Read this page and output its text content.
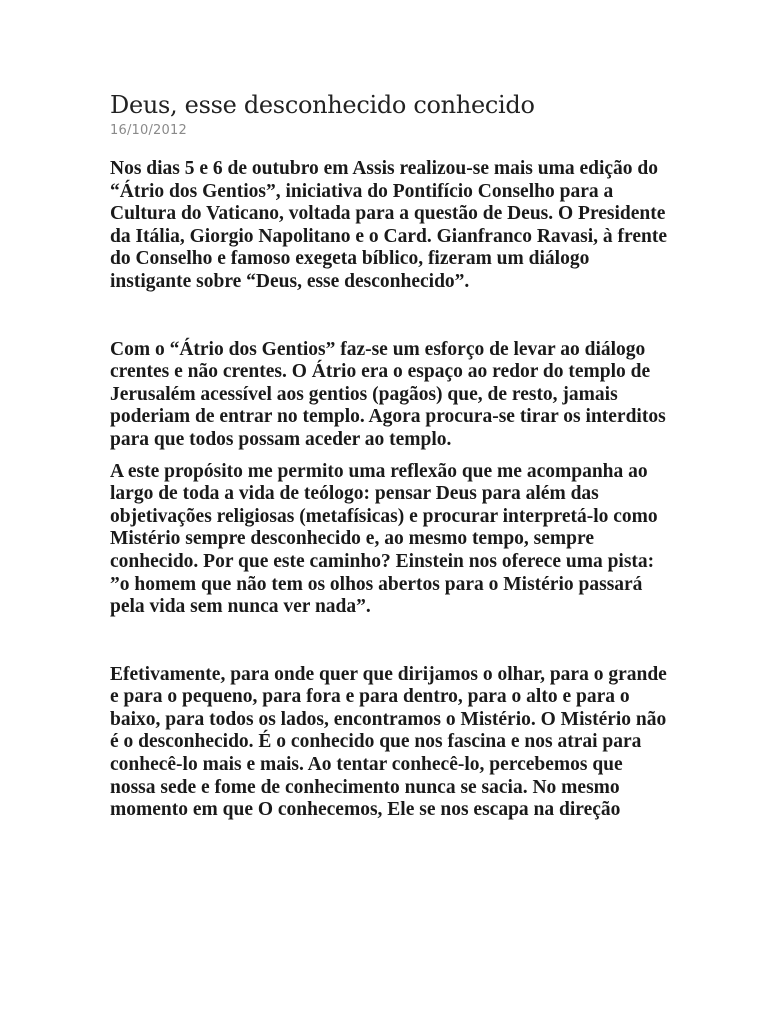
Deus, esse desconhecido conhecido
16/10/2012

Nos dias 5 e 6 de outubro em Assis realizou-se mais uma edição do “Átrio dos Gentios”, iniciativa do Pontifício Conselho para a Cultura do Vaticano, voltada para a questão de Deus. O Presidente da Itália, Giorgio Napolitano e o Card. Gianfranco Ravasi, à frente do Conselho e famoso exegeta bíblico, fizeram um diálogo instigante sobre “Deus, esse desconhecido”.

Com o “Átrio dos Gentios” faz-se um esforço de levar ao diálogo crentes e não crentes. O Átrio era o espaço ao redor do templo de Jerusalém acessível aos gentios (pagãos) que, de resto, jamais poderiam de entrar no templo. Agora procura-se tirar os interditos para que todos possam aceder ao templo.

A este propósito me permito uma reflexão que me acompanha ao largo de toda a vida de teólogo: pensar Deus para além das objetivações religiosas (metafísicas) e procurar interpretá-lo como Mistério sempre desconhecido e, ao mesmo tempo, sempre conhecido. Por que este caminho? Einstein nos oferece uma pista: ”o homem que não tem os olhos abertos para o Mistério passará pela vida sem nunca ver nada”.

Efetivamente, para onde quer que dirijamos o olhar, para o grande e para o pequeno, para fora e para dentro, para o alto e para o baixo, para todos os lados, encontramos o Mistério. O Mistério não é o desconhecido. É o conhecido que nos fascina e nos atrai para conhecê-lo mais e mais. Ao tentar conhecê-lo, percebemos que nossa sede e fome de conhecimento nunca se sacia. No mesmo momento em que O conhecemos, Ele se nos escapa na direção
